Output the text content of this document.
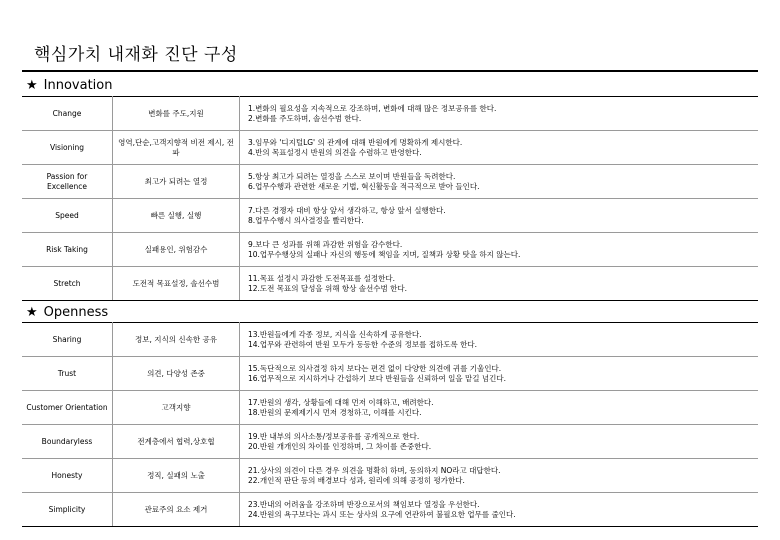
핵심가치 내재화 진단 구성
★ Innovation
Change	변화를 주도,지원	1.변화의 필요성을 지속적으로 강조하며, 변화에 대해 많은 정보공유를 한다.
2.변화를 주도하며, 솔선수범 한다.

Visioning	영역,단순,고객지향적 비전 제시, 전파	3.임무와 '디지털LG' 의 관계에 대해 반원에게 명확하게 제시한다.
4.반의 목표설정시 반원의 의견을 수렴하고 반영한다.

Passion for Excellence	최고가 되려는 열정	5.항상 최고가 되려는 열정을 스스로 보이며 반원들을 독려한다.
6.업무수행과 관련한 새로운 기법, 혁신활동을 적극적으로 받아 들인다.

Speed	빠른 실행, 실행	7.다른 경쟁자 대비 항상 앞서 생각하고, 항상 앞서 실행한다.
8.업무수행시 의사결정을 빨리한다.

Risk Taking	실패용인, 위험감수	9.보다 큰 성과를 위해 과감한 위험을 감수한다.
10.업무수행상의 실패나 자신의 행동에 책임을 지며, 질책과 상황 탓을 하지 않는다.

Stretch	도전적 목표설정, 솔선수범	11.목표 설정시 과감한 도전목표를 설정한다.
12.도전 목표의 달성을 위해 항상 솔선수범 한다.
★ Openness
Sharing	정보, 지식의 신속한 공유	13.반원들에게 각종 정보, 지식을 신속하게 공유한다.
14.업무와 관련하여 반원 모두가 동등한 수준의 정보를 접하도록 한다.

Trust	의견, 다양성 존중	15.독단적으로 의사결정 하지 보다는 편견 없이 다양한 의견에 귀를 기울인다.
16.업무적으로 지시하거나 간섭하기 보다 반원들을 신뢰하여 일을 맡길 넘긴다.

Customer Orientation	고객지향	17.반원의 생각, 상황들에 대해 먼저 이해하고, 배려한다.
18.반원의 문제제기시 먼저 경청하고, 이해를 시킨다.

Boundaryless	전계층에서 협력,상호협	19.반 내부의 의사소통/정보공유를 공개적으로 한다.
20.반원 개개인의 차이를 인정하며, 그 차이를 존중한다.

Honesty	정직, 실패의 노출	21.상사의 의견이 다른 경우 의견을 명확히 하며, 동의하지 NO라고 대답한다.
22.개인적 판단 등의 배경보다 성과, 원리에 의해 공정히 평가한다.

Simplicity	관료주의 요소 제거	23.반내의 어려움을 강조하며 반장으로서의 책임보다 열정을 우선한다.
24.반원의 욕구보다는 과시 또는 상사의 요구에 연관하여 불필요한 업무를 줄인다.
